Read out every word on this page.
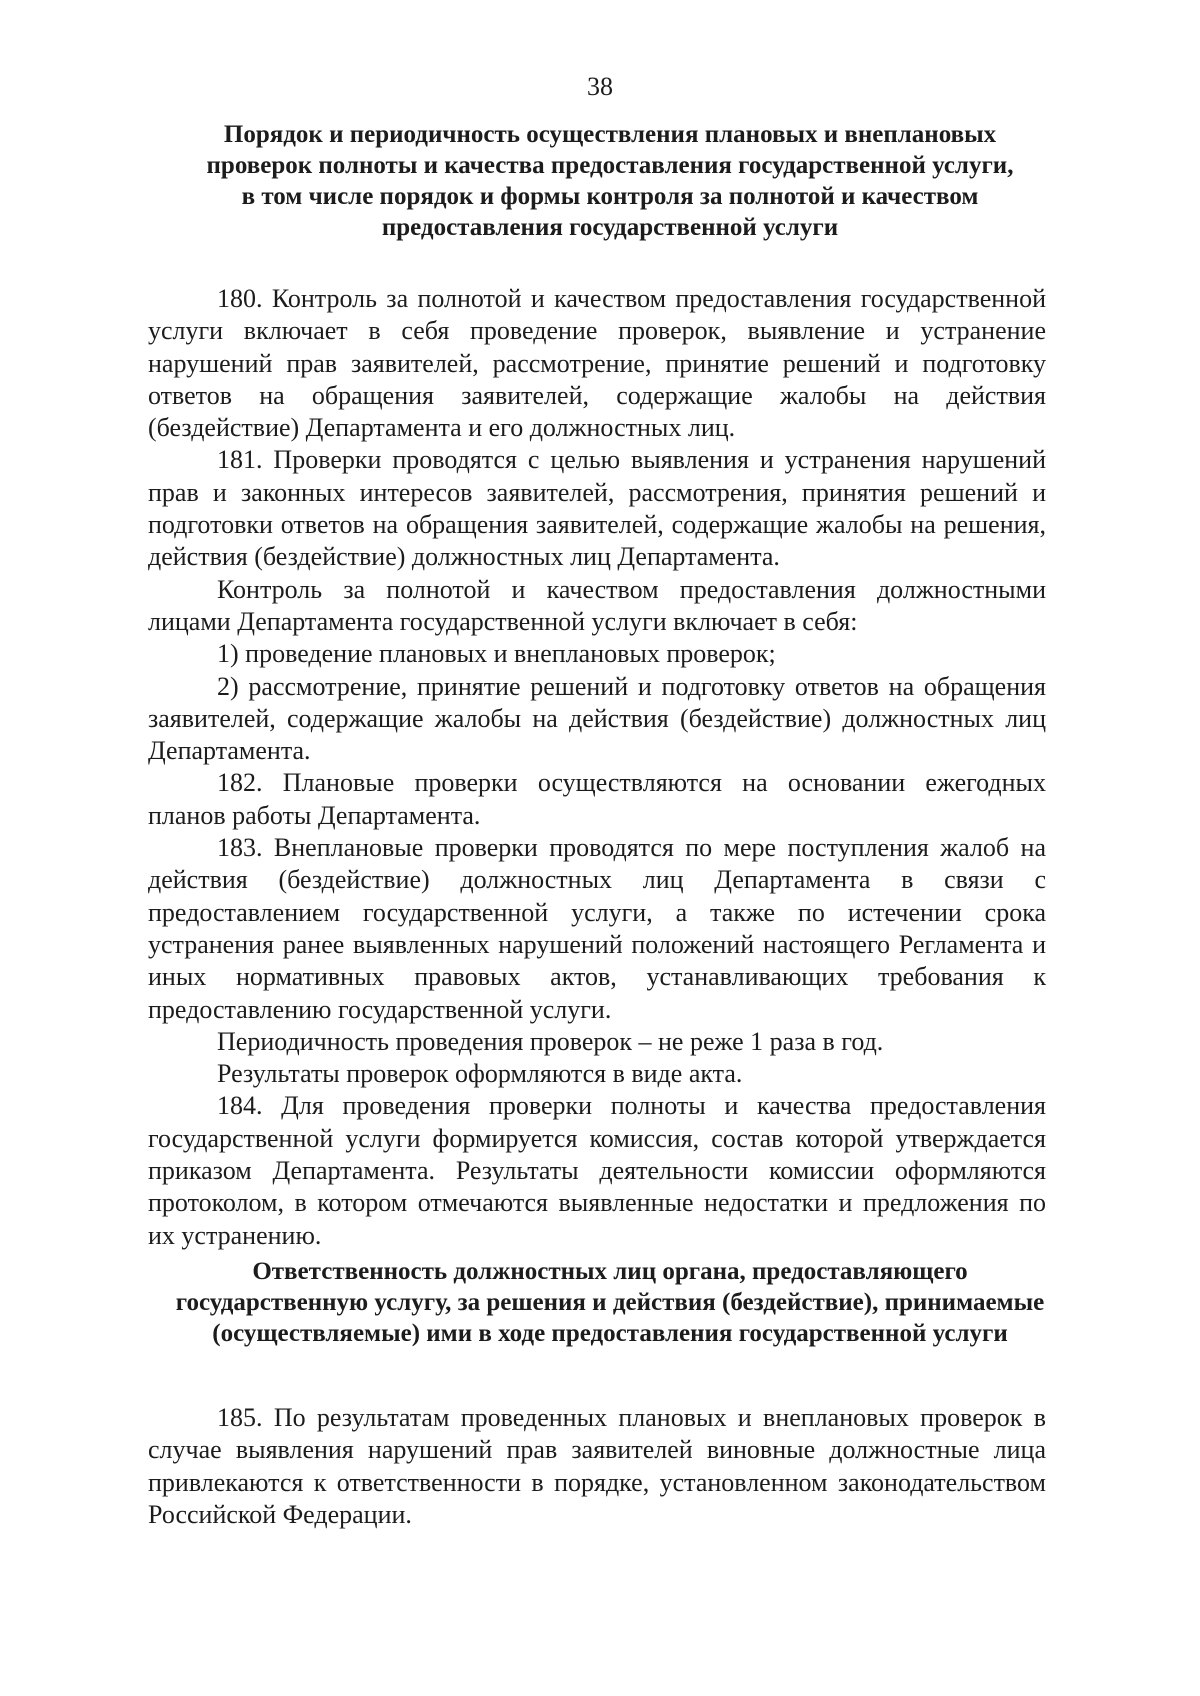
38
Порядок и периодичность осуществления плановых и внеплановых
проверок полноты и качества предоставления государственной услуги,
в том числе порядок и формы контроля за полнотой и качеством
предоставления государственной услуги

180. Контроль за полнотой и качеством предоставления государственной услуги включает в себя проведение проверок, выявление и устранение нарушений прав заявителей, рассмотрение, принятие решений и подготовку ответов на обращения заявителей, содержащие жалобы на действия (бездействие) Департамента и его должностных лиц.

181. Проверки проводятся с целью выявления и устранения нарушений прав и законных интересов заявителей, рассмотрения, принятия решений и подготовки ответов на обращения заявителей, содержащие жалобы на решения, действия (бездействие) должностных лиц Департамента.

Контроль за полнотой и качеством предоставления должностными лицами Департамента государственной услуги включает в себя:

1) проведение плановых и внеплановых проверок;

2) рассмотрение, принятие решений и подготовку ответов на обращения заявителей, содержащие жалобы на действия (бездействие) должностных лиц Департамента.

182. Плановые проверки осуществляются на основании ежегодных планов работы Департамента.

183. Внеплановые проверки проводятся по мере поступления жалоб на действия (бездействие) должностных лиц Департамента в связи с предоставлением государственной услуги, а также по истечении срока устранения ранее выявленных нарушений положений настоящего Регламента и иных нормативных правовых актов, устанавливающих требования к предоставлению государственной услуги.

Периодичность проведения проверок – не реже 1 раза в год.

Результаты проверок оформляются в виде акта.

184. Для проведения проверки полноты и качества предоставления государственной услуги формируется комиссия, состав которой утверждается приказом Департамента. Результаты деятельности комиссии оформляются протоколом, в котором отмечаются выявленные недостатки и предложения по их устранению.

Ответственность должностных лиц органа, предоставляющего
государственную услугу, за решения и действия (бездействие), принимаемые
(осуществляемые) ими в ходе предоставления государственной услуги

185. По результатам проведенных плановых и внеплановых проверок в случае выявления нарушений прав заявителей виновные должностные лица привлекаются к ответственности в порядке, установленном законодательством Российской Федерации.
